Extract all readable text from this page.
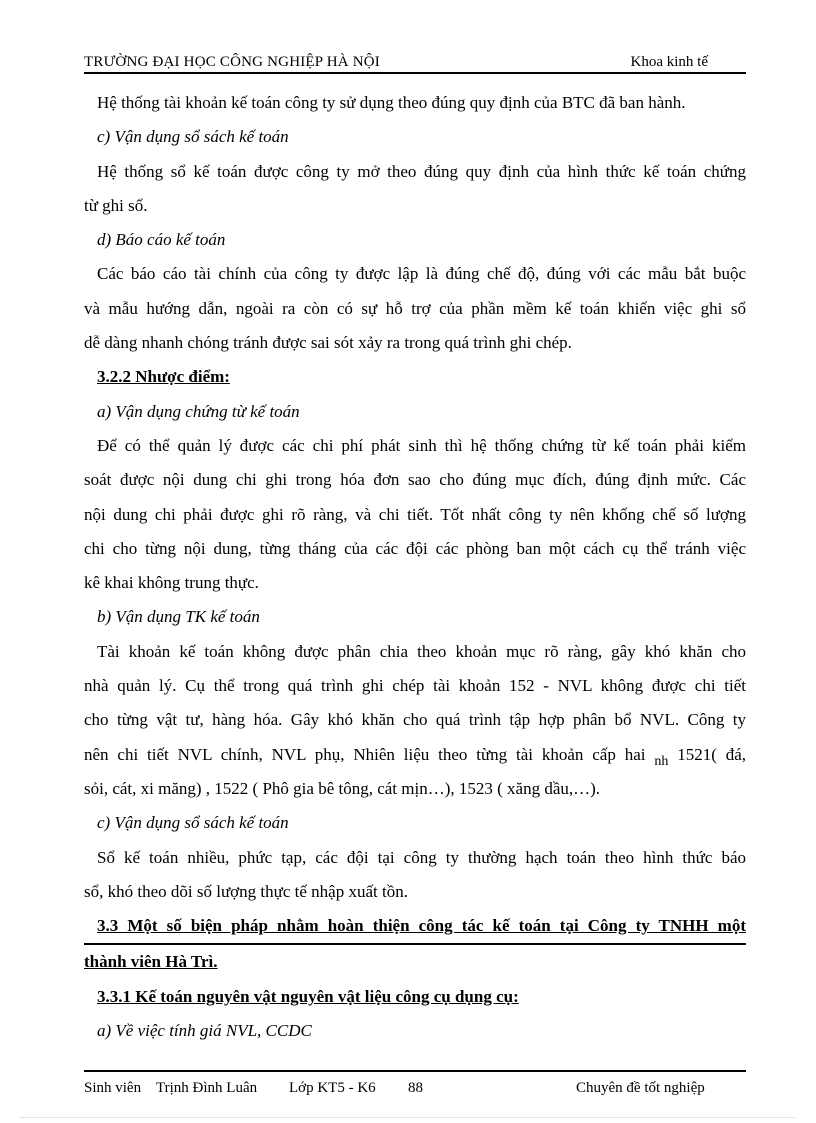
TRƯỜNG ĐẠI HỌC CÔNG NGHIỆP HÀ NỘI	Khoa kinh tế
Hệ thống tài khoản kế toán công ty sử dụng theo đúng quy định của BTC đã ban hành.
c) Vận dụng sổ sách kế toán
Hệ thống sổ kế toán được công ty mở theo đúng quy định của hình thức kế toán chứng
từ ghi sổ.
d) Báo cáo kế toán
Các báo cáo tài chính của công ty được lập là đúng chế độ, đúng với các mẫu bắt buộc
và mẫu hướng dẫn, ngoài ra còn có sự hỗ trợ của phần mềm kế toán khiến việc ghi sổ
dễ dàng nhanh chóng tránh được sai sót xảy ra trong quá trình ghi chép.
3.2.2 Nhược điểm:
a) Vận dụng chứng từ kế toán
Để có thể quản lý được các chi phí phát sinh thì hệ thống chứng từ kế toán phải kiểm
soát được nội dung chi ghi trong hóa đơn sao cho đúng mục đích, đúng định mức. Các
nội dung chi phải được ghi rõ ràng, và chi tiết. Tốt nhất công ty nên khống chế số lượng
chi cho từng nội dung, từng tháng của các đội các phòng ban một cách cụ thể tránh việc
kê khai không trung thực.
b) Vận dụng TK kế toán
Tài khoản kế toán không được phân chia theo khoản mục rõ ràng, gây khó khăn cho
nhà quản lý. Cụ thể trong quá trình ghi chép tài khoản 152 - NVL không được chi tiết
cho từng vật tư, hàng hóa. Gây khó khăn cho quá trình tập hợp phân bổ NVL. Công ty
nên chi tiết NVL chính, NVL phụ, Nhiên liệu theo từng tài khoản cấp hai $_{nh}$ 1521( đá,
sỏi, cát, xi măng) , 1522 ( Phô gia bê tông, cát mịn…), 1523 ( xăng dầu,…).
c) Vận dụng sổ sách kế toán
Sổ kế toán nhiều, phức tạp, các đội tại công ty thường hạch toán theo hình thức báo
sổ, khó theo dõi số lượng thực tế nhập xuất tồn.
3.3 Một số biện pháp nhằm hoàn thiện công tác kế toán tại Công ty TNHH một
thành viên Hà Trì.
3.3.1 Kế toán nguyên vật nguyên vật liệu công cụ dụng cụ:
a) Về việc tính giá NVL, CCDC
Sinh viên Trịnh Đình Luân Lớp KT5 - K6 88	Chuyên đề tốt nghiệp
